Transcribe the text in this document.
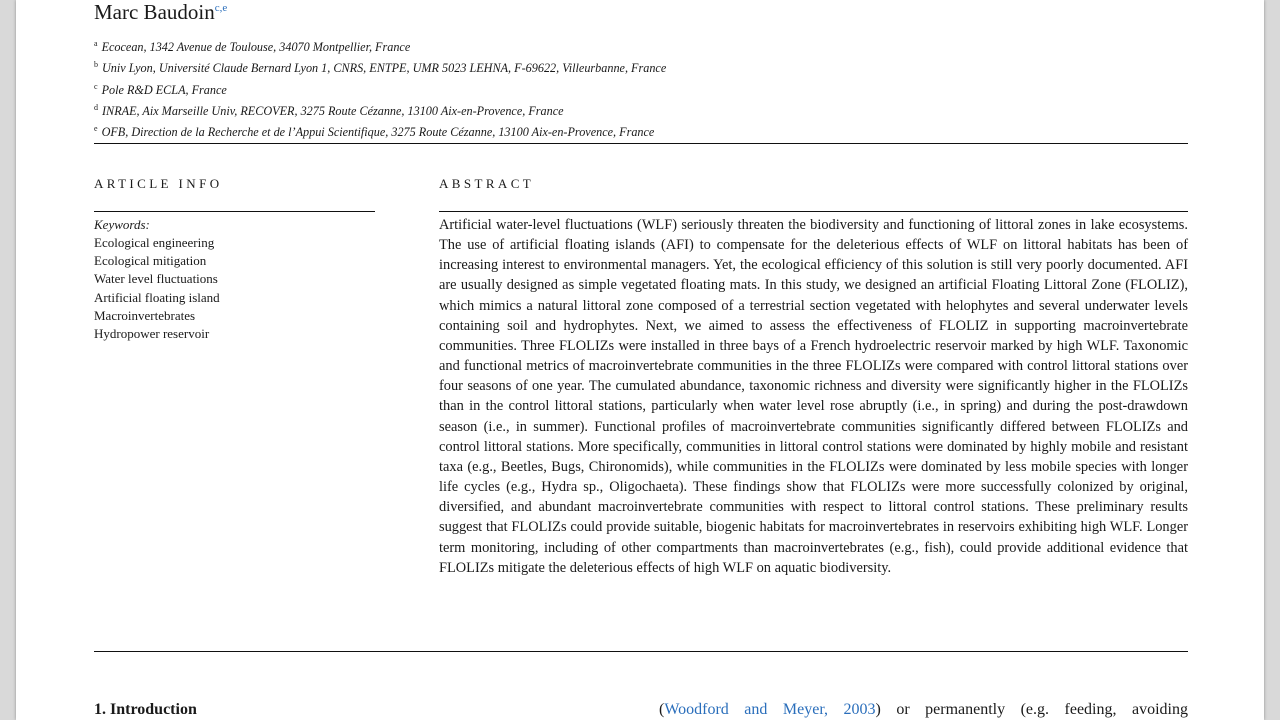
Marc Baudoin$^{c,e}$
$^a$ Ecocean, 1342 Avenue de Toulouse, 34070 Montpellier, France
$^b$ Univ Lyon, Université Claude Bernard Lyon 1, CNRS, ENTPE, UMR 5023 LEHNA, F-69622, Villeurbanne, France
$^c$ Pole R&D ECLA, France
$^d$ INRAE, Aix Marseille Univ, RECOVER, 3275 Route Cézanne, 13100 Aix-en-Provence, France
$^e$ OFB, Direction de la Recherche et de l’Appui Scientifique, 3275 Route Cézanne, 13100 Aix-en-Provence, France
ARTICLE INFO	ABSTRACT
Keywords:
Ecological engineering
Ecological mitigation
Water level fluctuations
Artificial floating island
Macroinvertebrates
Hydropower reservoir

Artificial water-level fluctuations (WLF) seriously threaten the biodiversity and functioning of littoral zones in lake ecosystems. The use of artificial floating islands (AFI) to compensate for the deleterious effects of WLF on littoral habitats has been of increasing interest to environmental managers. Yet, the ecological efficiency of this solution is still very poorly documented. AFI are usually designed as simple vegetated floating mats. In this study, we designed an artificial Floating Littoral Zone (FLOLIZ), which mimics a natural littoral zone composed of a terrestrial section vegetated with helophytes and several underwater levels containing soil and hydrophytes. Next, we aimed to assess the effectiveness of FLOLIZ in supporting macroinvertebrate communities. Three FLOLIZs were installed in three bays of a French hydroelectric reservoir marked by high WLF. Taxonomic and functional metrics of macroinvertebrate communities in the three FLOLIZs were compared with control littoral stations over four seasons of one year. The cumulated abundance, taxonomic richness and diversity were significantly higher in the FLOLIZs than in the control littoral stations, particularly when water level rose abruptly (i.e., in spring) and during the post-drawdown season (i.e., in summer). Functional profiles of macroinvertebrate communities significantly differed between FLOLIZs and control littoral stations. More specifically, communities in littoral control stations were dominated by highly mobile and resistant taxa (e.g., Beetles, Bugs, Chironomids), while communities in the FLOLIZs were dominated by less mobile species with longer life cycles (e.g., Hydra sp., Oligochaeta). These findings show that FLOLIZs were more successfully colonized by original, diversified, and abundant macroinvertebrate communities with respect to littoral control stations. These preliminary results suggest that FLOLIZs could provide suitable, biogenic habitats for macroinvertebrates in reservoirs exhibiting high WLF. Longer term monitoring, including of other compartments than macroinvertebrates (e.g., fish), could provide additional evidence that FLOLIZs mitigate the deleterious effects of high WLF on aquatic biodiversity.

1. Introduction	(Woodford and Meyer, 2003) or permanently (e.g. feeding, avoiding
